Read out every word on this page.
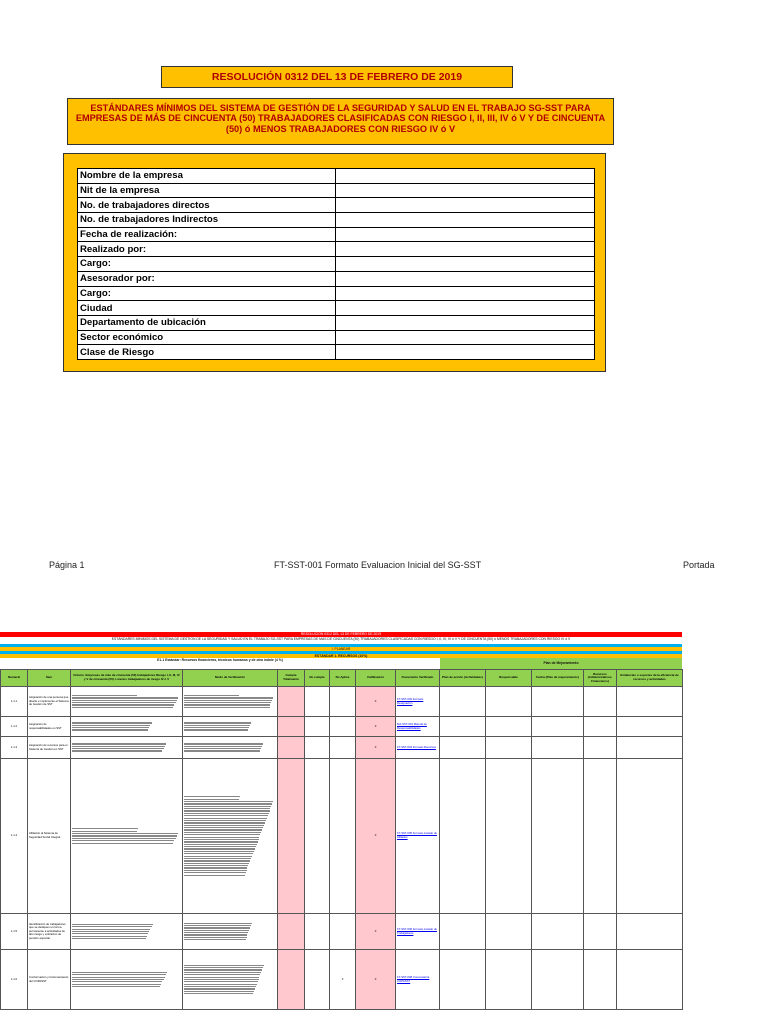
RESOLUCIÓN 0312 DEL 13 DE FEBRERO DE 2019
ESTÁNDARES MÍNIMOS DEL SISTEMA DE GESTIÓN DE LA SEGURIDAD Y SALUD EN EL TRABAJO SG-SST PARA EMPRESAS DE MÁS DE CINCUENTA (50) TRABAJADORES CLASIFICADAS CON RIESGO I, II, III, IV ó V Y DE CINCUENTA (50) ó MENOS TRABAJADORES CON RIESGO IV ó V
Nombre de la empresa	
Nit de la empresa	
No. de trabajadores directos	
No. de trabajadores Indirectos	
Fecha de realización:	
Realizado por:	
Cargo:	
Asesorador por:	
Cargo:	
Ciudad	
Departamento de ubicación	
Sector económico	
Clase de Riesgo	
Página 1	FT-SST-001 Formato Evaluacion Inicial del SG-SST	Portada
RESOLUCIÓN 0312 DEL 13 DE FEBRERO DE 2019
ESTÁNDARES MÍNIMOS DEL SISTEMA DE GESTIÓN DE LA SEGURIDAD Y SALUD EN EL TRABAJO SG-SST PARA EMPRESAS DE MÁS DE CINCUENTA (50) TRABAJADORES CLASIFICADAS CON RIESGO I, II, III, IV ó V Y DE CINCUENTA (50) ó MENOS TRABAJADORES CON RIESGO IV ó V
I. PLANEAR
ESTÁNDAR 1. RECURSOS (10%)
E1.1 Estándar: Recursos financieros, técnicos humanos y de otra índole (4 %)
Plan de Mejoramiento
Numeral	Ítem	Criterio. Empresas de más de cincuenta (50) trabajadores Riesgo I, II, III, IV y V de cincuenta (50) o menos trabajadores de riesgo IV ó V	Modo de Verificación	Cumple Totalmente	No cumple	No Aplica	Calificación	Documento Verificado	Plan de acción (Actividades)	Responsable	Fecha (Plan de mejoramiento)	Recursos (Administrativos, Financieros)	Evidencias o soportes de la eficiencia de recursos y actividades
1.1.1	Asignación de una persona que diseñe e implemente el Sistema de Gestión de SST						0	FT-SST-002 Formato Designación					
1.1.2	Asignación de responsabilidades en SST						0	MA-SST-001 Manual de Responsabilidades					
1.1.3	Asignación de recursos para el Sistema de Gestión en SST						0	FT-SST-004 Formato Recursos					
1.1.4	Afiliación al Sistema de Seguridad Social Integral						0	FT-SST-005 Formato Listado de Afiliados					
1.1.5	Identificación de trabajadores que se dediquen en forma permanente a actividades de alto riesgo y cotización de pensión especial						0	FT-SST-006 Formato Listado de Trabajadores					
1.1.6	Conformación y funcionamiento del COPASST					0	0	FT-SST-008 Convocatoria COPASST					
